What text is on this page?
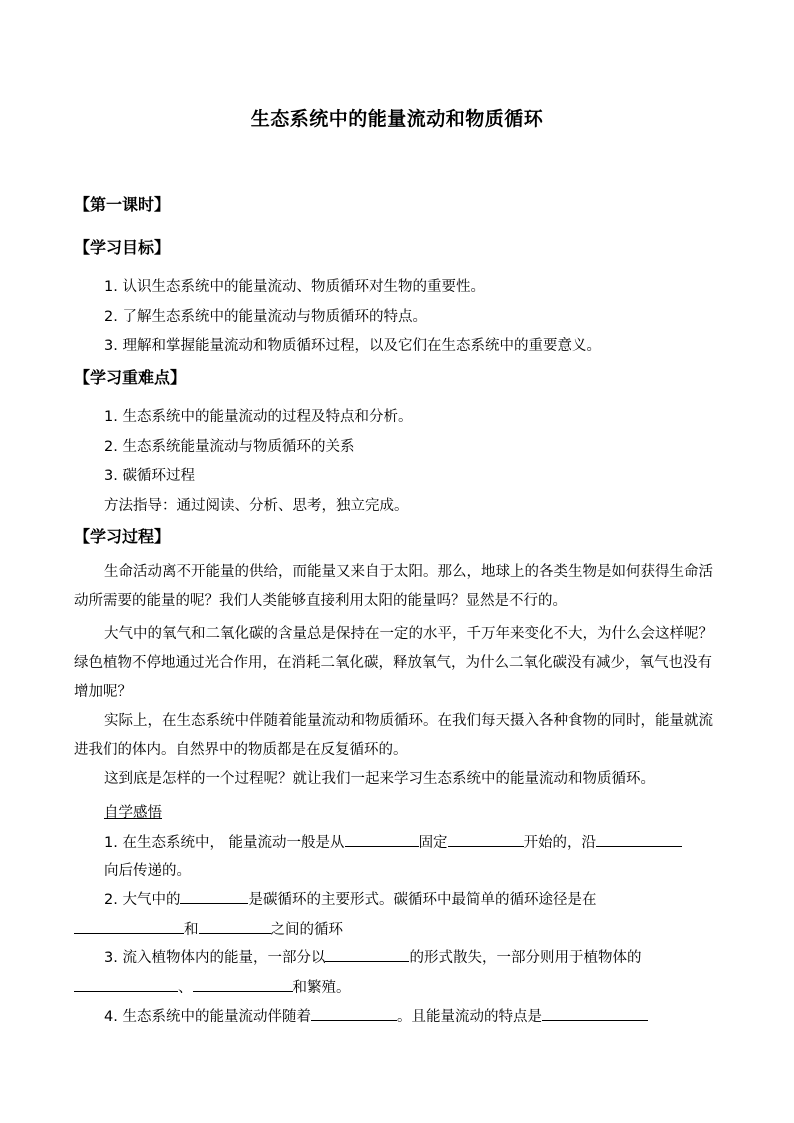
生态系统中的能量流动和物质循环
【第一课时】
【学习目标】
1. 认识生态系统中的能量流动、物质循环对生物的重要性。
2. 了解生态系统中的能量流动与物质循环的特点。
3. 理解和掌握能量流动和物质循环过程，以及它们在生态系统中的重要意义。
【学习重难点】
1. 生态系统中的能量流动的过程及特点和分析。
2. 生态系统能量流动与物质循环的关系
3. 碳循环过程
方法指导：通过阅读、分析、思考，独立完成。
【学习过程】
生命活动离不开能量的供给，而能量又来自于太阳。那么，地球上的各类生物是如何获得生命活动所需要的能量的呢？我们人类能够直接利用太阳的能量吗？显然是不行的。
大气中的氧气和二氧化碳的含量总是保持在一定的水平，千万年来变化不大，为什么会这样呢？绿色植物不停地通过光合作用，在消耗二氧化碳，释放氧气，为什么二氧化碳没有减少，氧气也没有增加呢？
实际上，在生态系统中伴随着能量流动和物质循环。在我们每天摄入各种食物的同时，能量就流进我们的体内。自然界中的物质都是在反复循环的。
这到底是怎样的一个过程呢？就让我们一起来学习生态系统中的能量流动和物质循环。
自学感悟
1. 在生态系统中， 能量流动一般是从	固定	开始的，沿
向后传递的。
2. 大气中的	是碳循环的主要形式。碳循环中最简单的循环途径是在
和	之间的循环
3. 流入植物体内的能量，一部分以	的形式散失，一部分则用于植物体的
、	和繁殖。
4. 生态系统中的能量流动伴随着	。且能量流动的特点是
